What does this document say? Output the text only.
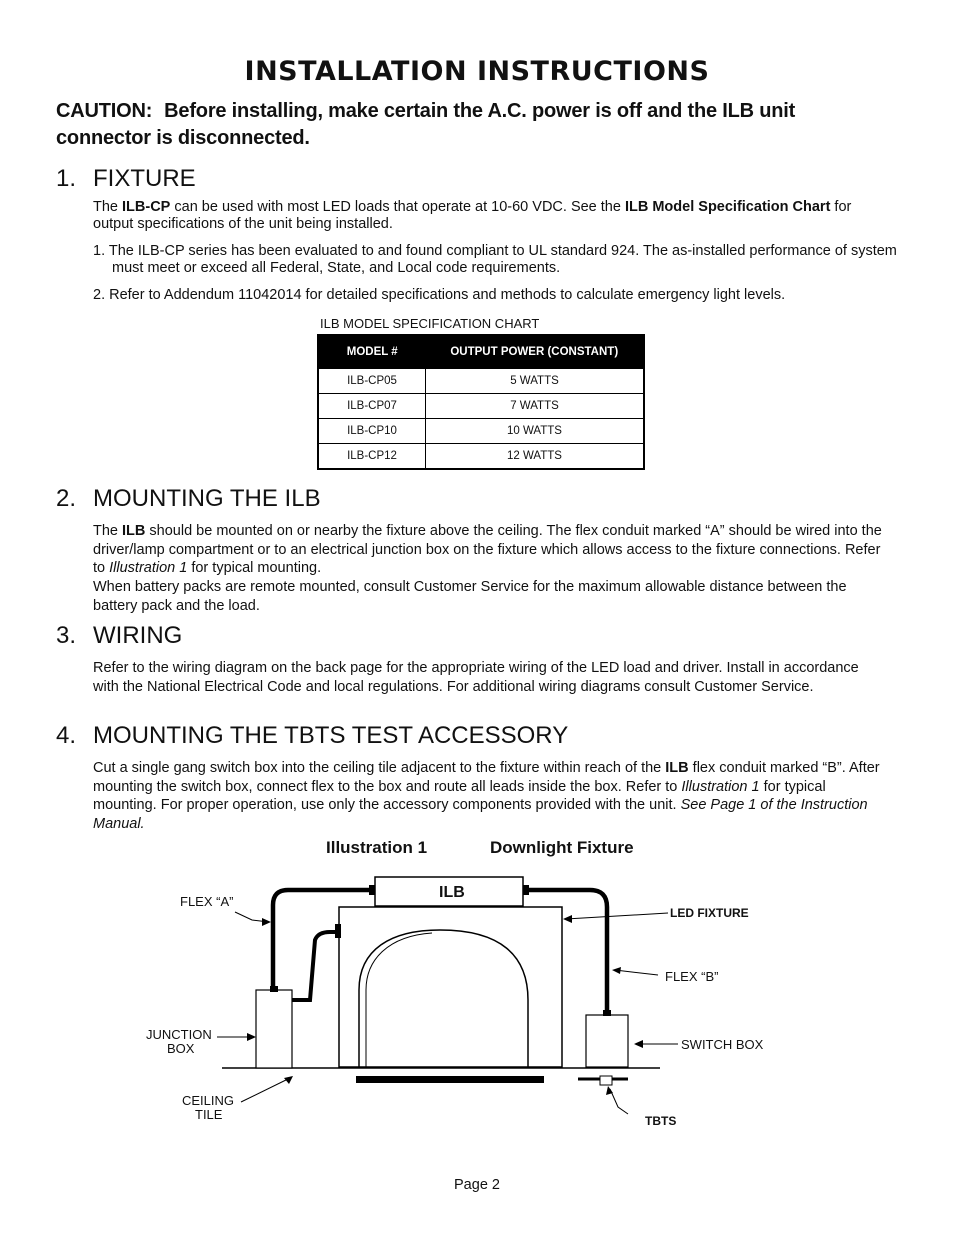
INSTALLATION INSTRUCTIONS
CAUTION: Before installing, make certain the A.C. power is off and the ILB unit connector is disconnected.
1. FIXTURE
The ILB-CP can be used with most LED loads that operate at 10-60 VDC. See the ILB Model Specification Chart for output specifications of the unit being installed.
1. The ILB-CP series has been evaluated to and found compliant to UL standard 924. The as-installed performance of system must meet or exceed all Federal, State, and Local code requirements.
2. Refer to Addendum 11042014 for detailed specifications and methods to calculate emergency light levels.
ILB MODEL SPECIFICATION CHART
MODEL #	OUTPUT POWER (CONSTANT)
ILB-CP05	5 WATTS
ILB-CP07	7 WATTS
ILB-CP10	10 WATTS
ILB-CP12	12 WATTS
2. MOUNTING THE ILB
The ILB should be mounted on or nearby the fixture above the ceiling. The flex conduit marked “A” should be wired into the driver/lamp compartment or to an electrical junction box on the fixture which allows access to the fixture connections. Refer to Illustration 1 for typical mounting.
When battery packs are remote mounted, consult Customer Service for the maximum allowable distance between the battery pack and the load.
3. WIRING
Refer to the wiring diagram on the back page for the appropriate wiring of the LED load and driver. Install in accordance with the National Electrical Code and local regulations. For additional wiring diagrams consult Customer Service.
4. MOUNTING THE TBTS TEST ACCESSORY
Cut a single gang switch box into the ceiling tile adjacent to the fixture within reach of the ILB flex conduit marked “B”. After mounting the switch box, connect flex to the box and route all leads inside the box. Refer to Illustration 1 for typical mounting. For proper operation, use only the accessory components provided with the unit. See Page 1 of the Instruction Manual.
Illustration 1	Downlight Fixture
ILB
FLEX “A”
LED FIXTURE
FLEX “B”
JUNCTION
BOX	SWITCH BOX
CEILING
TILE	TBTS
Page 2
